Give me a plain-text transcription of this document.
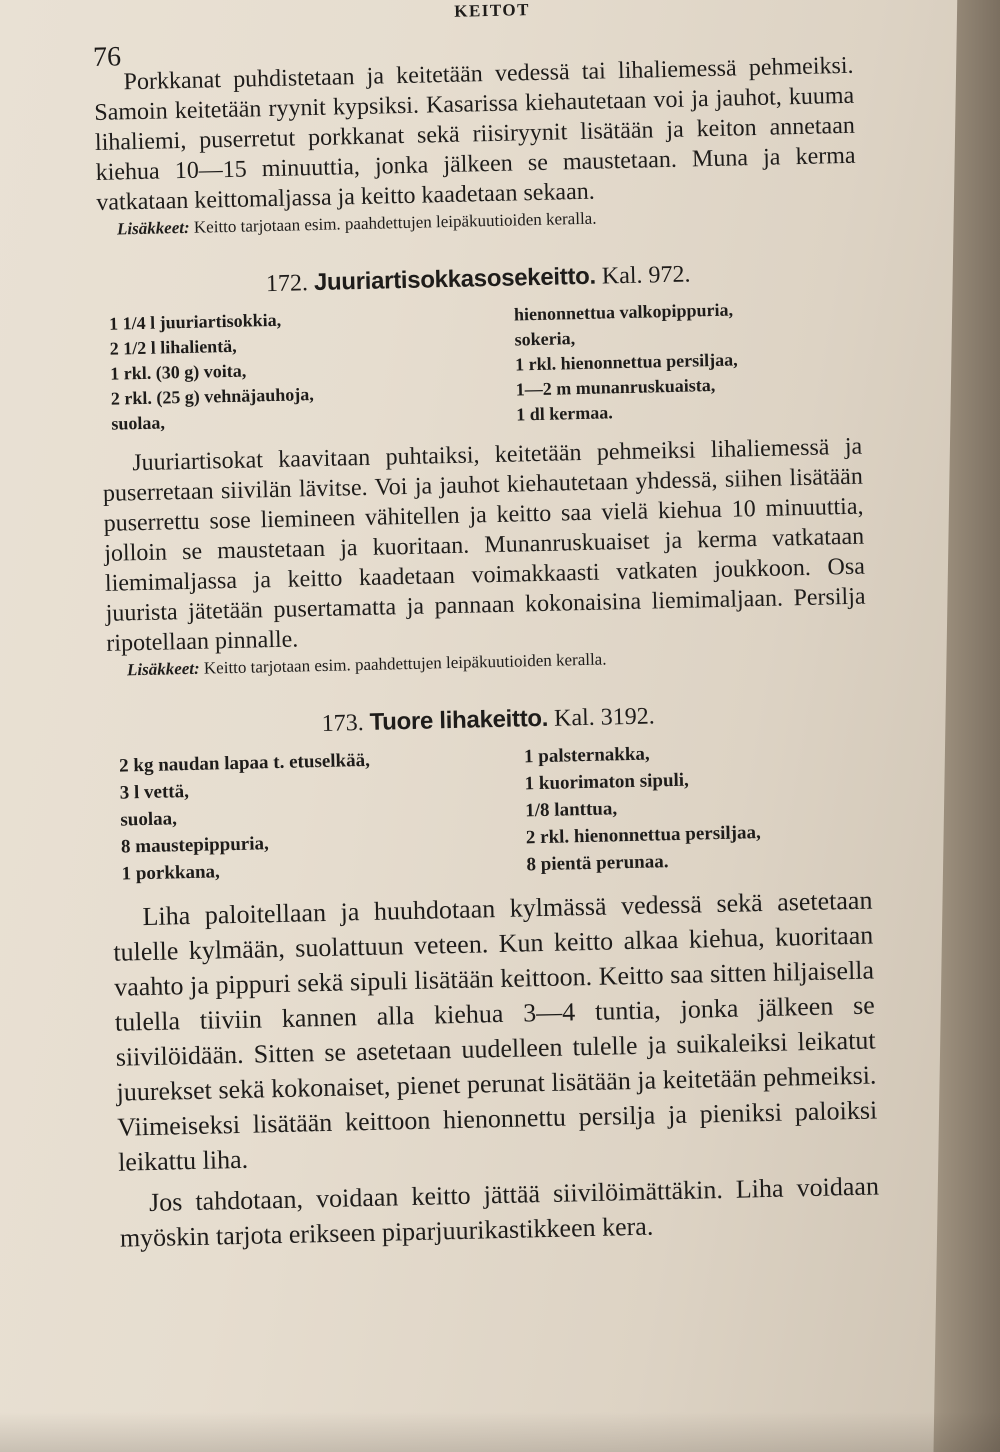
KEITOT
76 Porkkanat puhdistetaan ja keitetään vedessä tai lihaliemessä pehmeiksi. Samoin keitetään ryynit kypsiksi. Kasarissa kiehautetaan voi ja jauhot, kuuma lihaliemi, puserretut porkkanat sekä riisiryynit lisätään ja keiton annetaan kiehua 10—15 minuuttia, jonka jälkeen se maustetaan. Muna ja kerma vatkataan keittomaljassa ja keitto kaadetaan sekaan.

Lisäkkeet: Keitto tarjotaan esim. paahdettujen leipäkuutioiden keralla.
172. Juuriartisokkasosekeitto. Kal. 972.
1 1/4 l juuriartisokkia,
2 1/2 l lihalientä,
1 rkl. (30 g) voita,
2 rkl. (25 g) vehnäjauhoja,
suolaa,
hienonnettua valkopippuria,
sokeria,
1 rkl. hienonnettua persiljaa,
1—2 m munanruskuaista,
1 dl kermaa.

Juuriartisokat kaavitaan puhtaiksi, keitetään pehmeiksi lihaliemessä ja puserretaan siivilän lävitse. Voi ja jauhot kiehautetaan yhdessä, siihen lisätään puserrettu sose liemineen vähitellen ja keitto saa vielä kiehua 10 minuuttia, jolloin se maustetaan ja kuoritaan. Munanruskuaiset ja kerma vatkataan liemimaljassa ja keitto kaadetaan voimakkaasti vatkaten joukkoon. Osa juurista jätetään pusertamatta ja pannaan kokonaisina liemimaljaan. Persilja ripotellaan pinnalle.

Lisäkkeet: Keitto tarjotaan esim. paahdettujen leipäkuutioiden keralla.
173. Tuore lihakeitto. Kal. 3192.
2 kg naudan lapaa t. etuselkää,
3 l vettä,
suolaa,
8 maustepippuria,
1 porkkana,
1 palsternakka,
1 kuorimaton sipuli,
1/8 lanttua,
2 rkl. hienonnettua persiljaa,
8 pientä perunaa.

Liha paloitellaan ja huuhdotaan kylmässä vedessä sekä asetetaan tulelle kylmään, suolattuun veteen. Kun keitto alkaa kiehua, kuoritaan vaahto ja pippuri sekä sipuli lisätään keittoon. Keitto saa sitten hiljaisella tulella tiiviin kannen alla kiehua 3—4 tuntia, jonka jälkeen se siivilöidään. Sitten se asetetaan uudelleen tulelle ja suikaleiksi leikatut juurekset sekä kokonaiset, pienet perunat lisätään ja keitetään pehmeiksi. Viimeiseksi lisätään keittoon hienonnettu persilja ja pieniksi paloiksi leikattu liha.

Jos tahdotaan, voidaan keitto jättää siivilöimättäkin. Liha voidaan myöskin tarjota erikseen piparjuurikastikkeen kera.
